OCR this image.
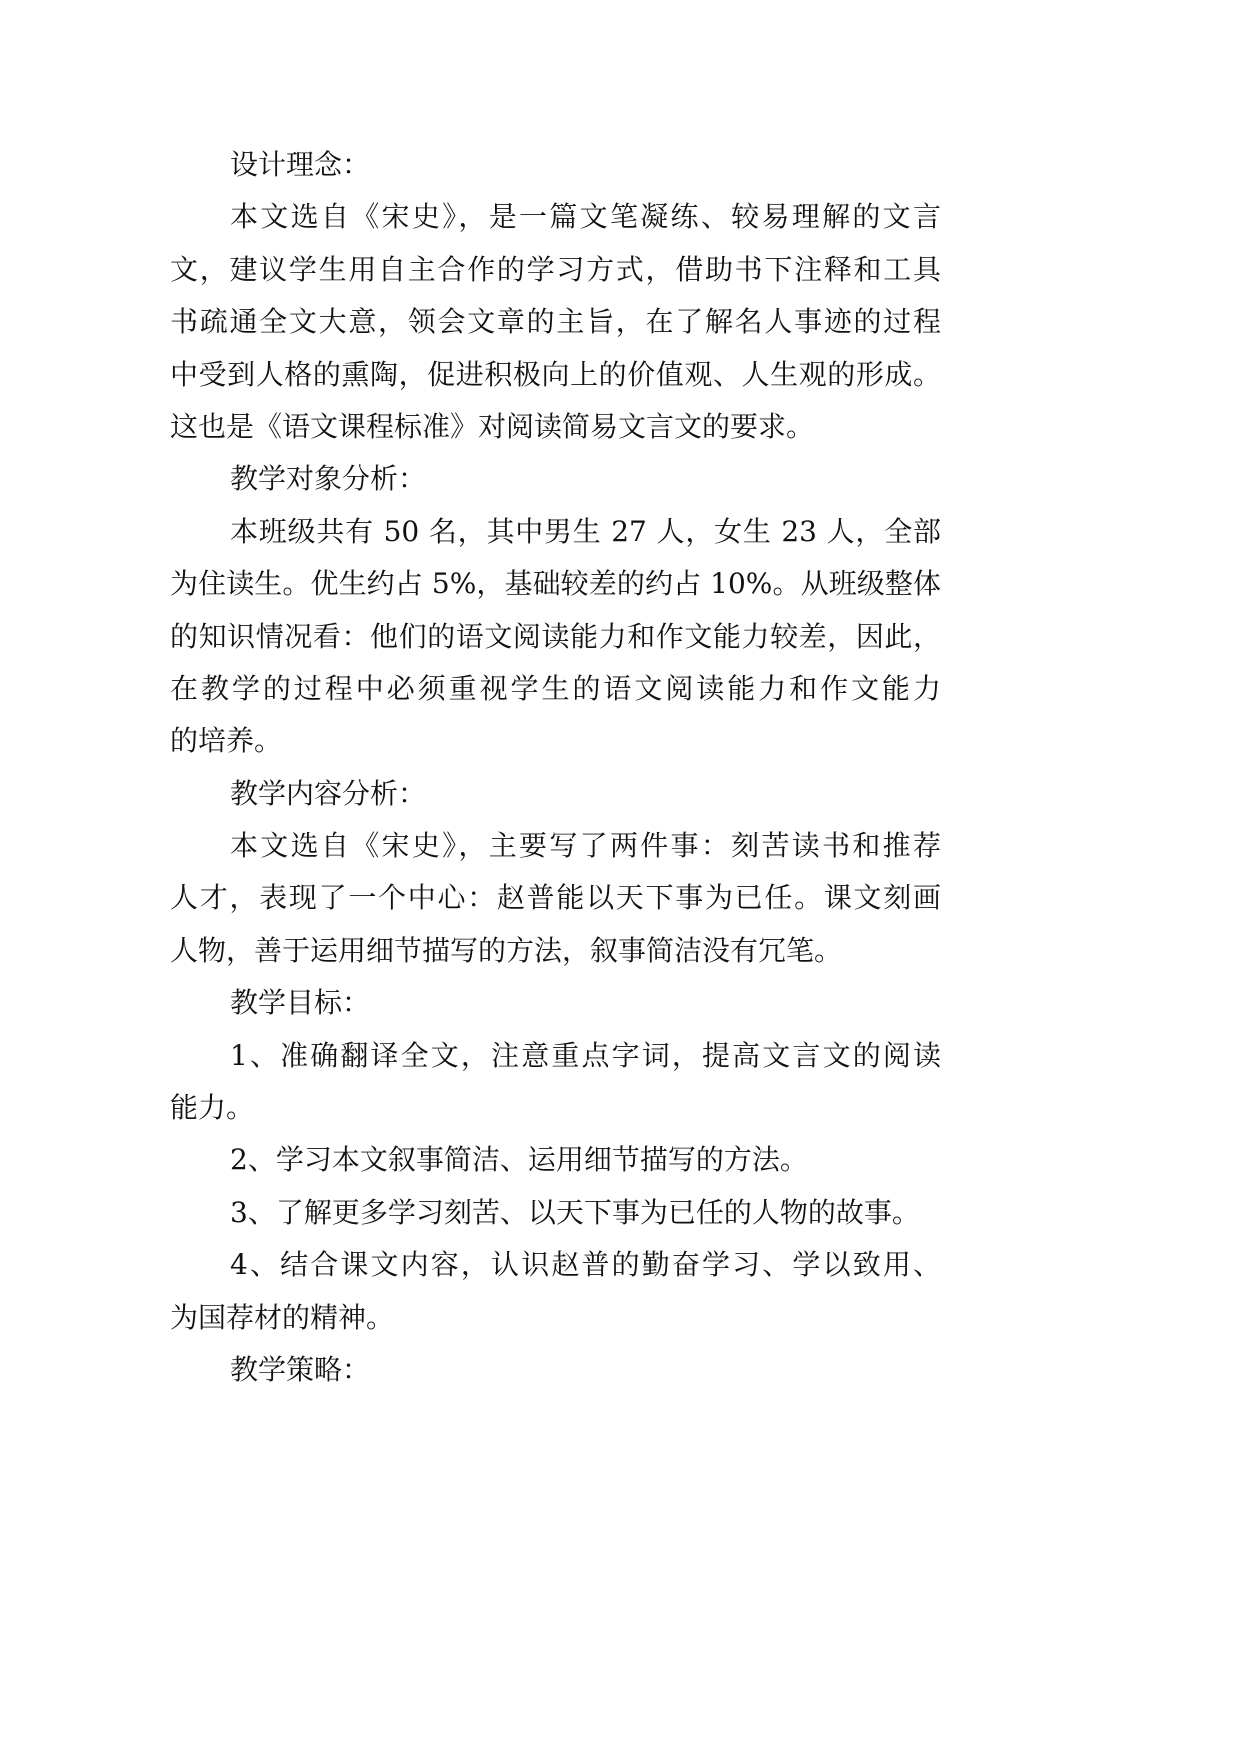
设计理念：
本文选自《宋史》，是一篇文笔凝练、较易理解的文言
文，建议学生用自主合作的学习方式，借助书下注释和工具
书疏通全文大意，领会文章的主旨，在了解名人事迹的过程
中受到人格的熏陶，促进积极向上的价值观、人生观的形成。
这也是《语文课程标准》对阅读简易文言文的要求。
教学对象分析：
本班级共有 50 名，其中男生 27 人，女生 23 人，全部
为住读生。优生约占 5%，基础较差的约占 10%。从班级整体
的知识情况看：他们的语文阅读能力和作文能力较差，因此，
在教学的过程中必须重视学生的语文阅读能力和作文能力
的培养。
教学内容分析：
本文选自《宋史》，主要写了两件事：刻苦读书和推荐
人才，表现了一个中心：赵普能以天下事为已任。课文刻画
人物，善于运用细节描写的方法，叙事简洁没有冗笔。
教学目标：
1、准确翻译全文，注意重点字词，提高文言文的阅读
能力。
2、学习本文叙事简洁、运用细节描写的方法。
3、了解更多学习刻苦、以天下事为已任的人物的故事。
4、结合课文内容，认识赵普的勤奋学习、学以致用、
为国荐材的精神。
教学策略：
